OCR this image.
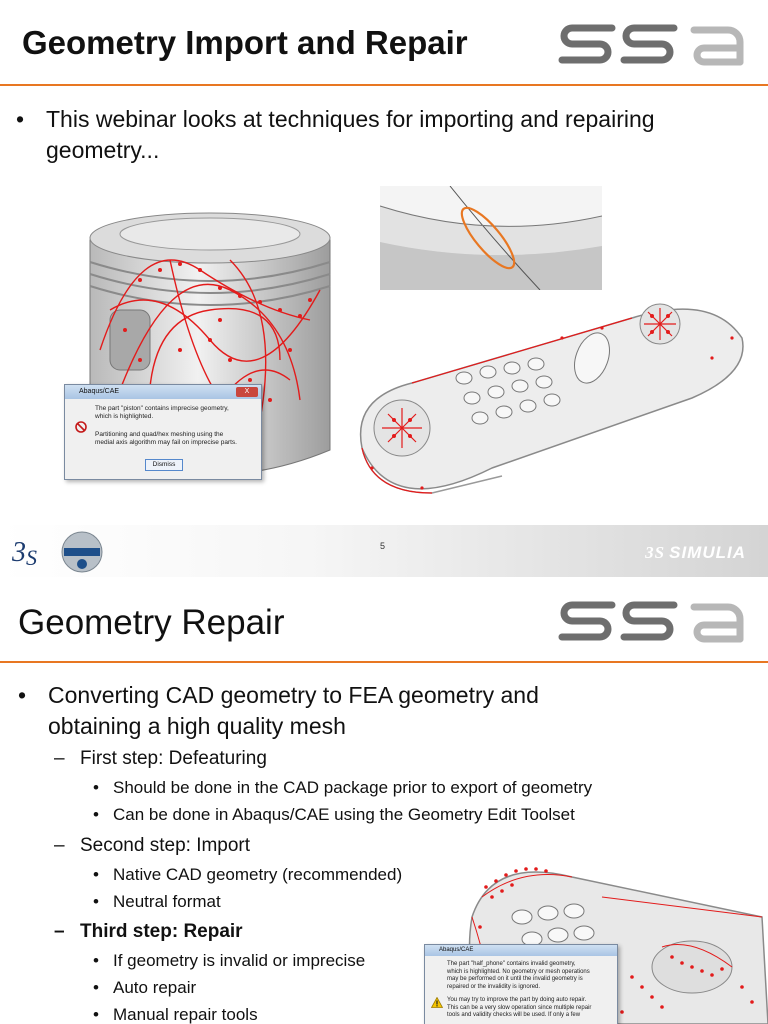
Geometry Import and Repair
• This webinar looks at techniques for importing and repairing geometry...
Abaqus/CAE	X
The part "piston" contains imprecise geometry,
which is highlighted.
Partitioning and quad/hex meshing using the
medial axis algorithm may fail on imprecise parts.
Dismiss
3 S	5	3S SIMULIA
Geometry Repair
• Converting CAD geometry to FEA geometry and
obtaining a high quality mesh
– First step: Defeaturing
• Should be done in the CAD package prior to export of geometry
• Can be done in Abaqus/CAE using the Geometry Edit Toolset
– Second step: Import
• Native CAD geometry (recommended)
• Neutral format
– Third step: Repair
• If geometry is invalid or imprecise
• Auto repair
• Manual repair tools
Abaqus/CAE
The part "half_phone" contains invalid geometry,
which is highlighted. No geometry or mesh operations
may be performed on it until the invalid geometry is
repaired or the invalidity is ignored.
You may try to improve the part by doing auto repair.
This can be a very slow operation since multiple repair
tools and validity checks will be used. If only a few
